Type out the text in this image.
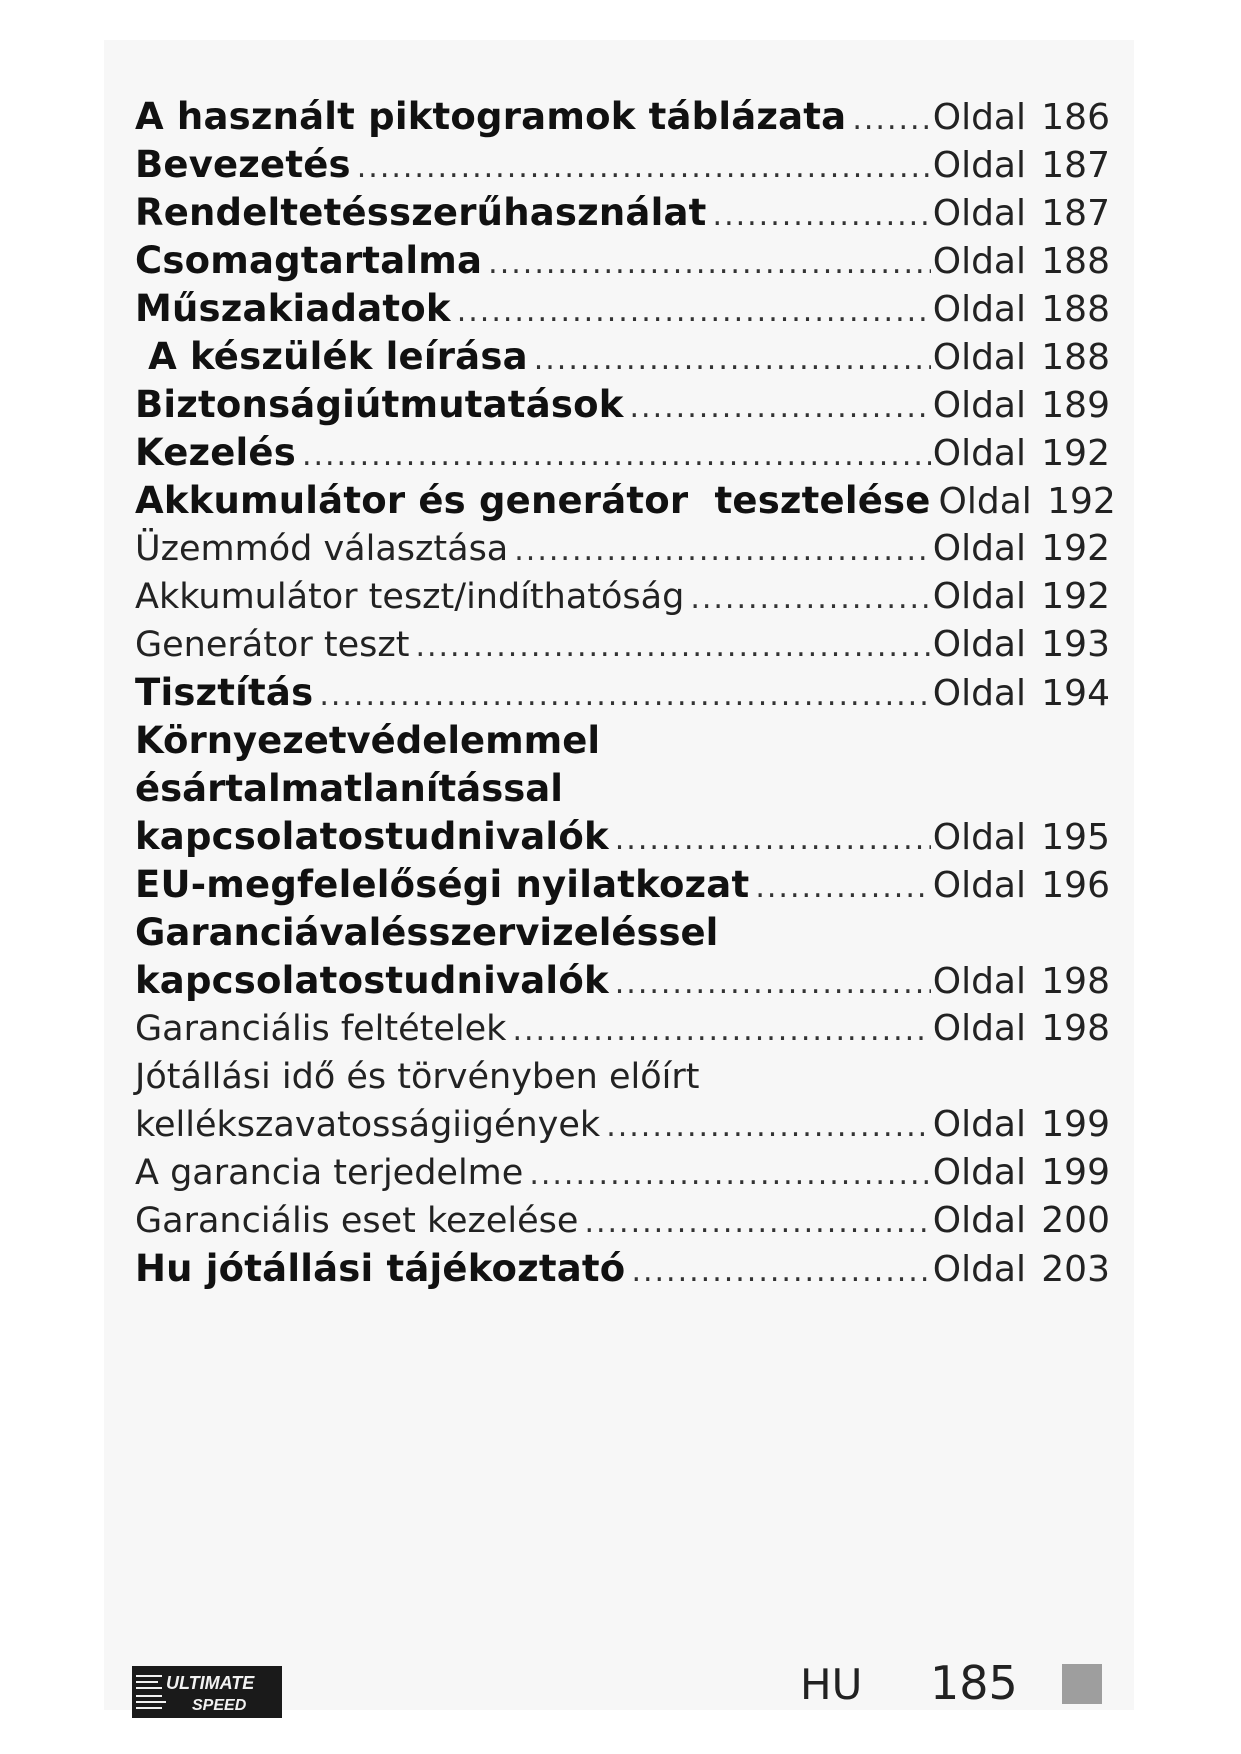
A használt piktogramok táblázata ..... Oldal 186
Bevezetés .....	Oldal 187
Rendeltetésszerűhasználat .....	Oldal 187
Csomagtartalma .....	Oldal 188
Műszakiadatok .....	Oldal 188
A készülék leírása .....	Oldal 188
Biztonságiútmutatások .....	Oldal 189
Kezelés .....	Oldal 192
Akkumulátor és generátor  tesztelése Oldal 192
Üzemmód választása .....	Oldal 192
Akkumulátor teszt/indíthatóság .....	Oldal 192
Generátor teszt .....	Oldal 193
Tisztítás .....	Oldal 194
Környezetvédelemmel
ésártalmatlanítással
kapcsolatostudnivalók .....	Oldal 195
EU-megfelelőségi nyilatkozat .....	Oldal 196
Garanciávalésszervizeléssel
kapcsolatostudnivalók .....	Oldal 198
Garanciális feltételek .....	Oldal 198
Jótállási idő és törvényben előírt
kellékszavatosságiigények .....	Oldal 199
A garancia terjedelme .....	Oldal 199
Garanciális eset kezelése .....	Oldal 200
Hu jótállási tájékoztató .....	Oldal 203
ULTIMATE
SPEED	HU 185
